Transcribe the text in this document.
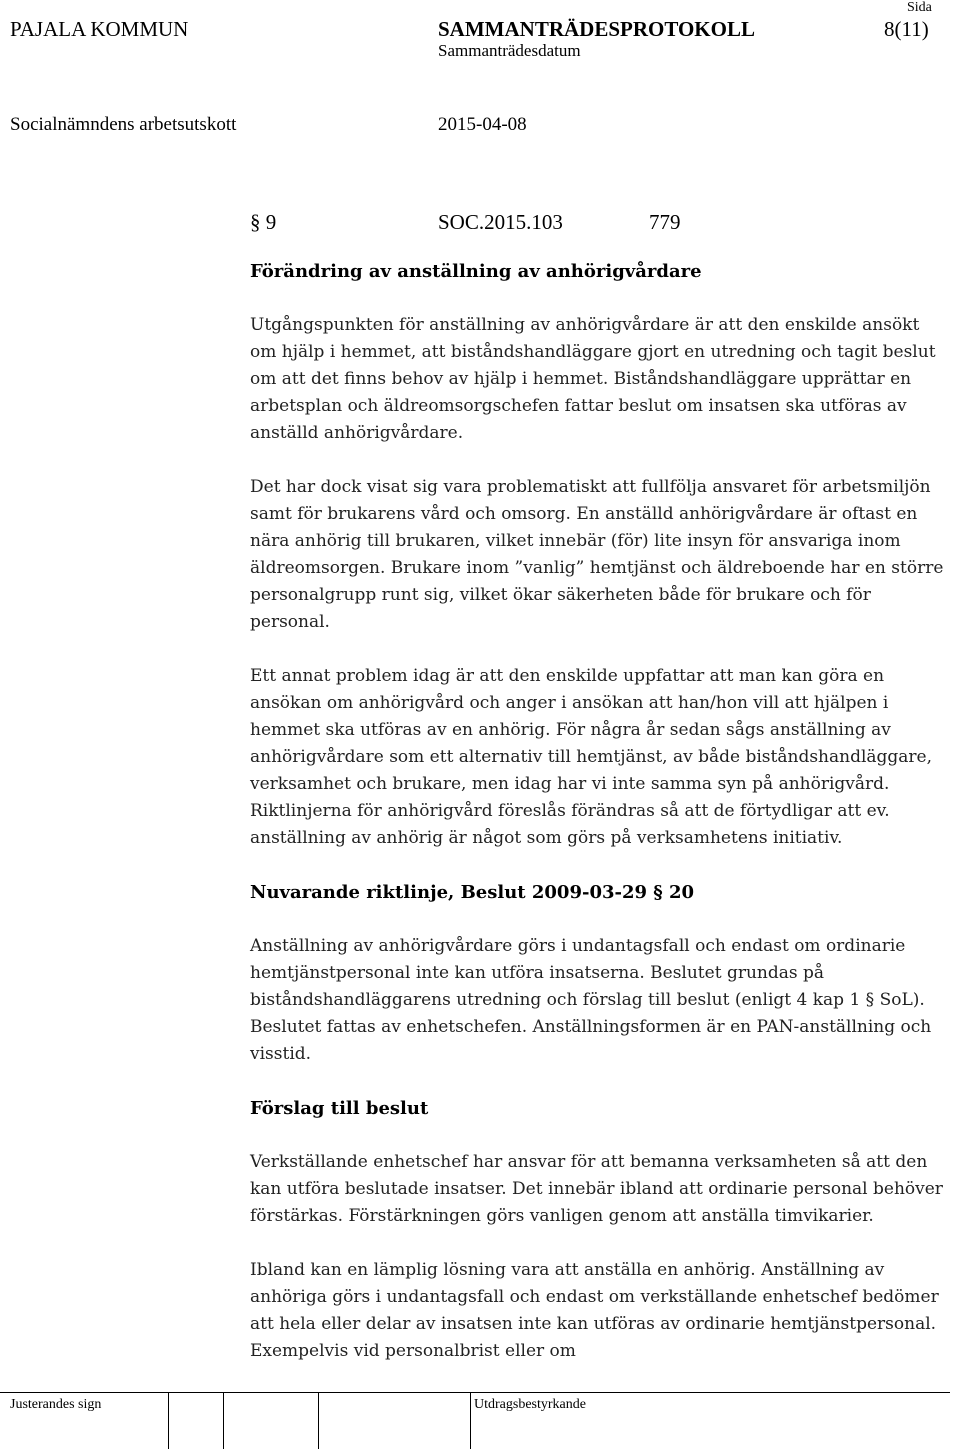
PAJALA KOMMUN	SAMMANTRÄDESPROTOKOLL
Sida
8(11)
Sammanträdesdatum
Socialnämndens arbetsutskott	2015-04-08
§ 9	SOC.2015.103	779
Förändring av anställning av anhörigvårdare

Utgångspunkten för anställning av anhörigvårdare är att den enskilde ansökt om hjälp i hemmet, att biståndshandläggare gjort en utredning och tagit beslut om att det finns behov av hjälp i hemmet. Biståndshandläggare upprättar en arbetsplan och äldreomsorgschefen fattar beslut om insatsen ska utföras av anställd anhörigvårdare.

Det har dock visat sig vara problematiskt att fullfölja ansvaret för arbetsmiljön samt för brukarens vård och omsorg. En anställd anhörigvårdare är oftast en nära anhörig till brukaren, vilket innebär (för) lite insyn för ansvariga inom äldreomsorgen. Brukare inom ”vanlig” hemtjänst och äldreboende har en större personalgrupp runt sig, vilket ökar säkerheten både för brukare och för personal.

Ett annat problem idag är att den enskilde uppfattar att man kan göra en ansökan om anhörigvård och anger i ansökan att han/hon vill att hjälpen i hemmet ska utföras av en anhörig. För några år sedan sågs anställning av anhörigvårdare som ett alternativ till hemtjänst, av både biståndshandläggare, verksamhet och brukare, men idag har vi inte samma syn på anhörigvård. Riktlinjerna för anhörigvård föreslås förändras så att de förtydligar att ev. anställning av anhörig är något som görs på verksamhetens initiativ.

Nuvarande riktlinje, Beslut 2009-03-29 § 20

Anställning av anhörigvårdare görs i undantagsfall och endast om ordinarie hemtjänstpersonal inte kan utföra insatserna. Beslutet grundas på biståndshandläggarens utredning och förslag till beslut (enligt 4 kap 1 § SoL). Beslutet fattas av enhetschefen. Anställningsformen är en PAN-anställning och visstid.

Förslag till beslut

Verkställande enhetschef har ansvar för att bemanna verksamheten så att den kan utföra beslutade insatser. Det innebär ibland att ordinarie personal behöver förstärkas. Förstärkningen görs vanligen genom att anställa timvikarier.

Ibland kan en lämplig lösning vara att anställa en anhörig. Anställning av anhöriga görs i undantagsfall och endast om verkställande enhetschef bedömer att hela eller delar av insatsen inte kan utföras av ordinarie hemtjänstpersonal. Exempelvis vid personalbrist eller om

Justerandes sign	Utdragsbestyrkande
